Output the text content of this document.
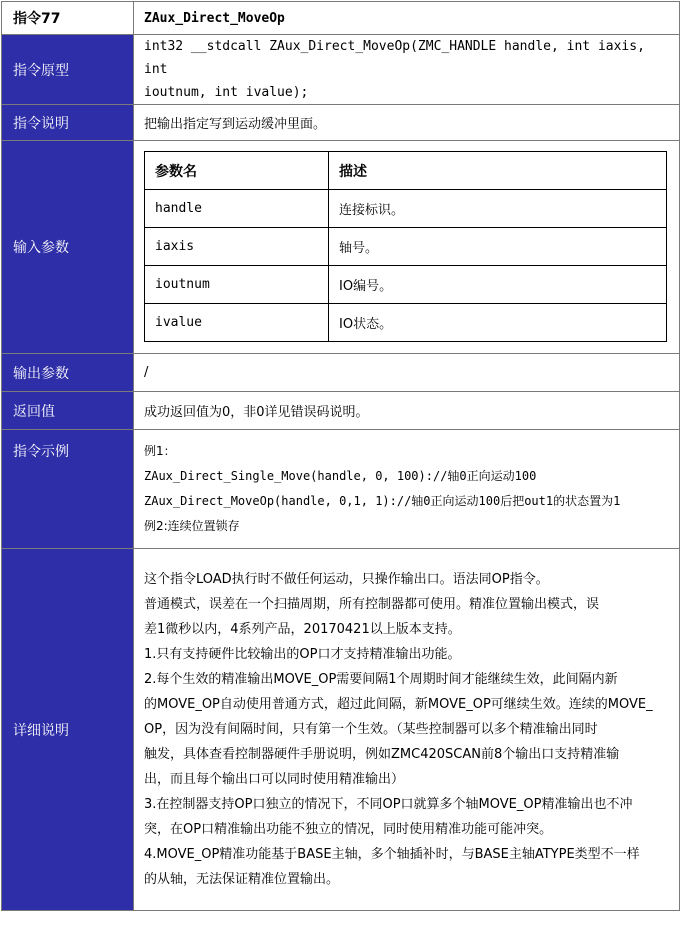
指令77	ZAux_Direct_MoveOp
指令原型	
int32 __stdcall ZAux_Direct_MoveOp(ZMC_HANDLE handle, int iaxis, int
ioutnum, int ivalue);

指令说明	把输出指定写到运动缓冲里面。
输入参数	
参数名	描述
handle	连接标识。
iaxis	轴号。
ioutnum	IO编号。
ivalue	IO状态。

输出参数	/
返回值	成功返回值为0，非0详见错误码说明。
指令示例	例1：
ZAux_Direct_Single_Move(handle, 0, 100)://轴0正向运动100
ZAux_Direct_MoveOp(handle, 0,1, 1)://轴0正向运动100后把out1的状态置为1
例2:连续位置锁存

详细说明	
这个指令LOAD执行时不做任何运动，只操作输出口。语法同OP指令。
普通模式，误差在一个扫描周期，所有控制器都可使用。精准位置输出模式，误
差1微秒以内，4系列产品，20170421以上版本支持。
1.只有支持硬件比较输出的OP口才支持精准输出功能。
2.每个生效的精准输出MOVE_OP需要间隔1个周期时间才能继续生效，此间隔内新
的MOVE_OP自动使用普通方式，超过此间隔，新MOVE_OP可继续生效。连续的MOVE_
OP，因为没有间隔时间，只有第一个生效。（某些控制器可以多个精准输出同时
触发，具体查看控制器硬件手册说明，例如ZMC420SCAN前8个输出口支持精准输
出，而且每个输出口可以同时使用精准输出）
3.在控制器支持OP口独立的情况下，不同OP口就算多个轴MOVE_OP精准输出也不冲
突，在OP口精准输出功能不独立的情况，同时使用精准功能可能冲突。
4.MOVE_OP精准功能基于BASE主轴，多个轴插补时，与BASE主轴ATYPE类型不一样
的从轴，无法保证精准位置输出。
